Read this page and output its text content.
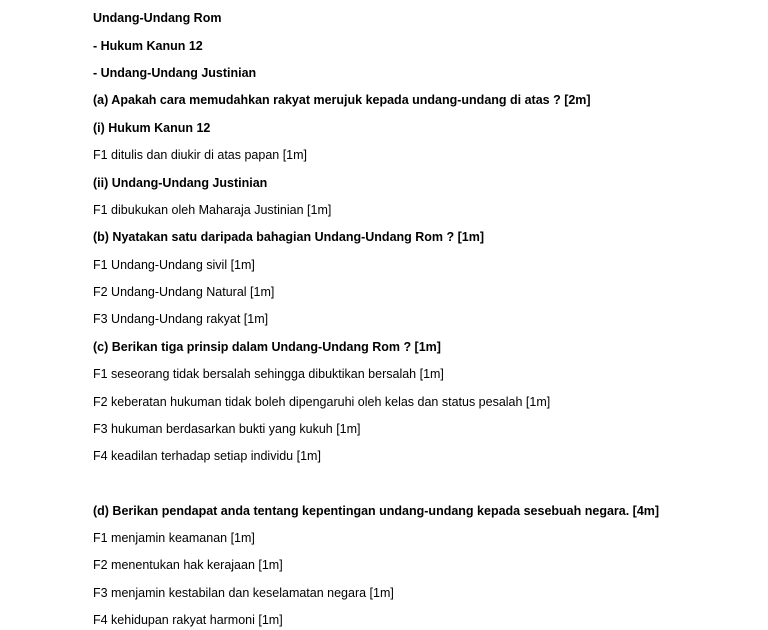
Undang-Undang Rom
- Hukum Kanun 12
- Undang-Undang Justinian
(a) Apakah cara memudahkan rakyat merujuk kepada undang-undang di atas ? [2m]
(i) Hukum Kanun 12
F1 ditulis dan diukir di atas papan [1m]
(ii) Undang-Undang Justinian
F1 dibukukan oleh Maharaja Justinian [1m]
(b) Nyatakan satu daripada bahagian Undang-Undang Rom ? [1m]
F1 Undang-Undang sivil [1m]
F2 Undang-Undang Natural [1m]
F3 Undang-Undang rakyat [1m]
(c) Berikan tiga prinsip dalam Undang-Undang Rom ? [1m]
F1 seseorang tidak bersalah sehingga dibuktikan bersalah [1m]
F2 keberatan hukuman tidak boleh dipengaruhi oleh kelas dan status pesalah [1m]
F3 hukuman berdasarkan bukti yang kukuh [1m]
F4 keadilan terhadap setiap individu [1m]
(d) Berikan pendapat anda tentang kepentingan undang-undang kepada sesebuah negara. [4m]
F1 menjamin keamanan [1m]
F2 menentukan hak kerajaan [1m]
F3 menjamin kestabilan dan keselamatan negara [1m]
F4 kehidupan rakyat harmoni [1m]
